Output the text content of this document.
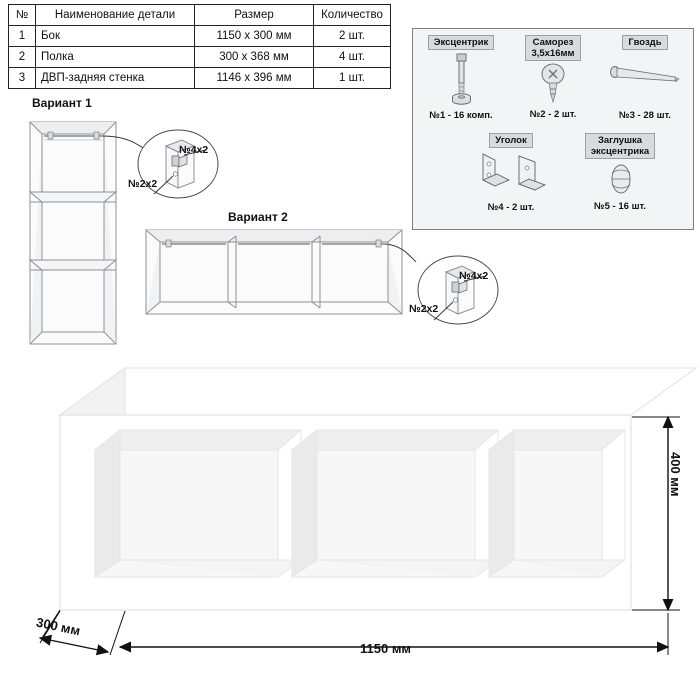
№	Наименование детали	Размер	Количество
1	Бок	1150 х 300 мм	2 шт.
2	Полка	300 х 368 мм	4 шт.
3	ДВП-задняя стенка	1146 х 396 мм	1 шт.
Эксцентрик
№1 - 16 комп.
Саморез
3,5х16мм
№2 - 2 шт.
Гвоздь
№3 - 28 шт.
Уголок
№4 - 2 шт.
Заглушка
эксцентрика
№5 - 16 шт.
Вариант 1
№4х2
№2х2
Вариант 2
№4х2
№2х2
400 мм
1150 мм
300 мм
